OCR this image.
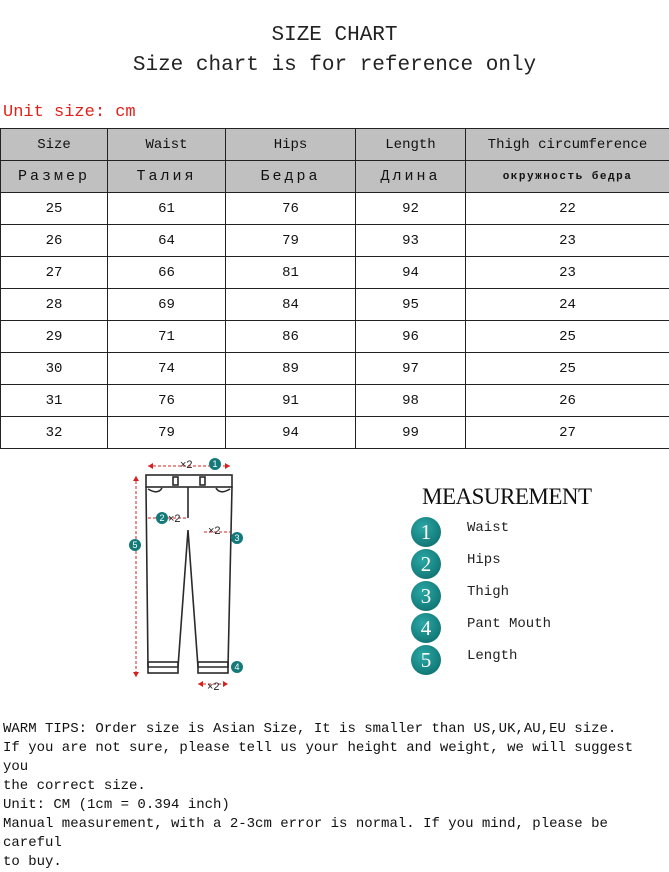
SIZE CHART
Size chart is for reference only
Unit size: cm
Size	Waist	Hips	Length	Thigh circumference
Размер	Талия	Бедра	Длина	окружность бедра
25	61	76	92	22
26	64	79	93	23
27	66	81	94	23
28	69	84	95	24
29	71	86	96	25
30	74	89	97	25
31	76	91	98	26
32	79	94	99	27
×2
×2
×2
×2
1
2
3
4
5
MEASUREMENT
1	Waist
2	Hips
3	Thigh
4	Pant Mouth
5	Length
WARM TIPS: Order size is Asian Size, It is smaller than US,UK,AU,EU size.
If you are not sure, please tell us your height and weight, we will suggest you
the correct size.
Unit: CM (1cm = 0.394 inch)
Manual measurement, with a 2-3cm error is normal. If you mind, please be careful
to buy.
